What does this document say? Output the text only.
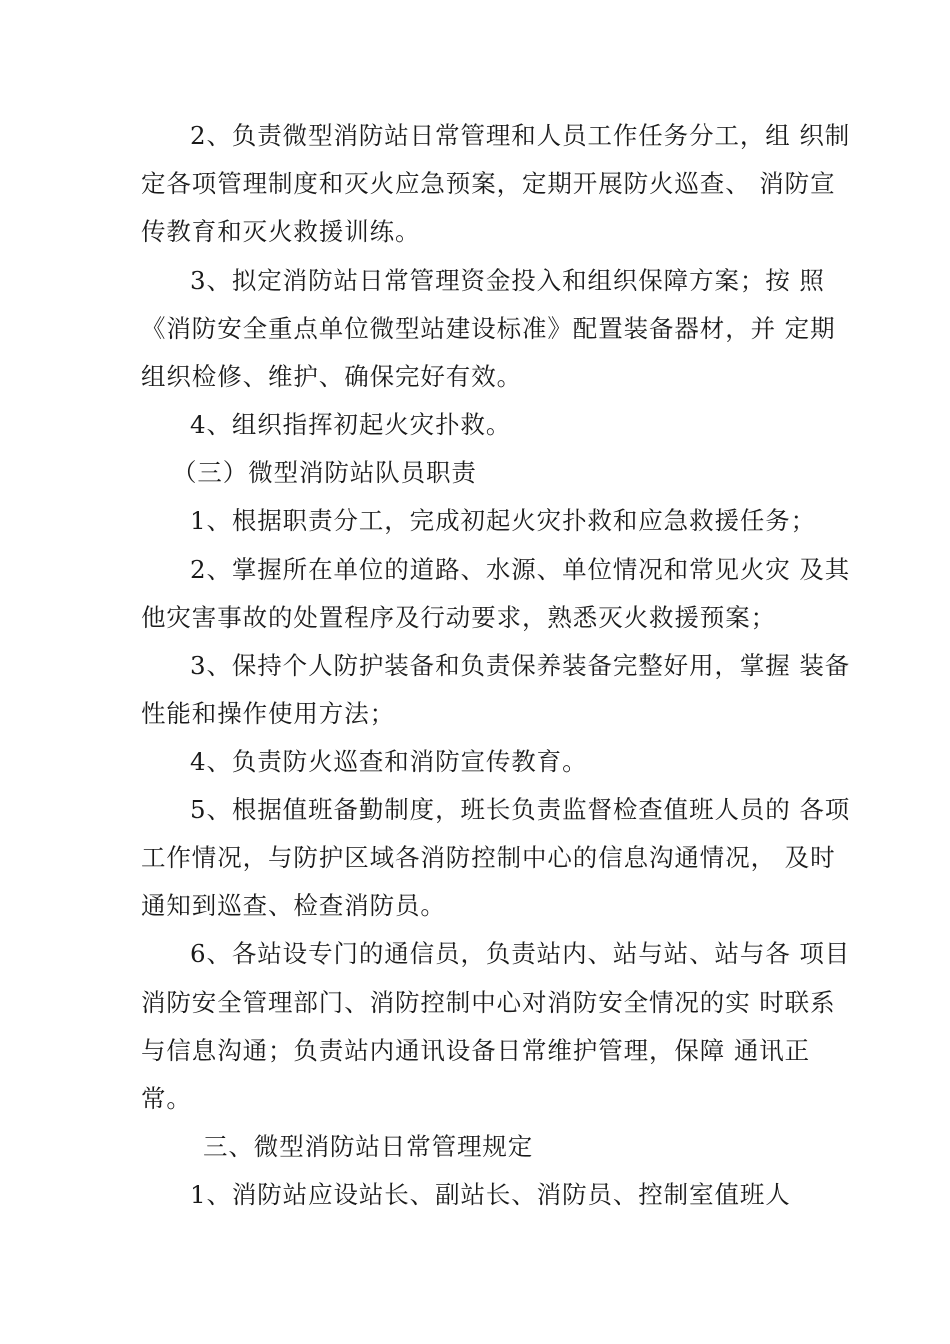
2、负责微型消防站日常管理和人员工作任务分工，组 织制
定各项管理制度和灭火应急预案，定期开展防火巡查、 消防宣
传教育和灭火救援训练。
3、拟定消防站日常管理资金投入和组织保障方案；按 照
《消防安全重点单位微型站建设标准》配置装备器材，并 定期
组织检修、维护、确保完好有效。
4、组织指挥初起火灾扑救。
（三）微型消防站队员职责
1、根据职责分工，完成初起火灾扑救和应急救援任务；
2、掌握所在单位的道路、水源、单位情况和常见火灾 及其
他灾害事故的处置程序及行动要求，熟悉灭火救援预案；
3、保持个人防护装备和负责保养装备完整好用，掌握 装备
性能和操作使用方法；
4、负责防火巡查和消防宣传教育。
5、根据值班备勤制度，班长负责监督检查值班人员的 各项
工作情况，与防护区域各消防控制中心的信息沟通情况， 及时
通知到巡查、检查消防员。
6、各站设专门的通信员，负责站内、站与站、站与各 项目
消防安全管理部门、消防控制中心对消防安全情况的实 时联系
与信息沟通；负责站内通讯设备日常维护管理，保障 通讯正
常。
三、微型消防站日常管理规定
1、消防站应设站长、副站长、消防员、控制室值班人
